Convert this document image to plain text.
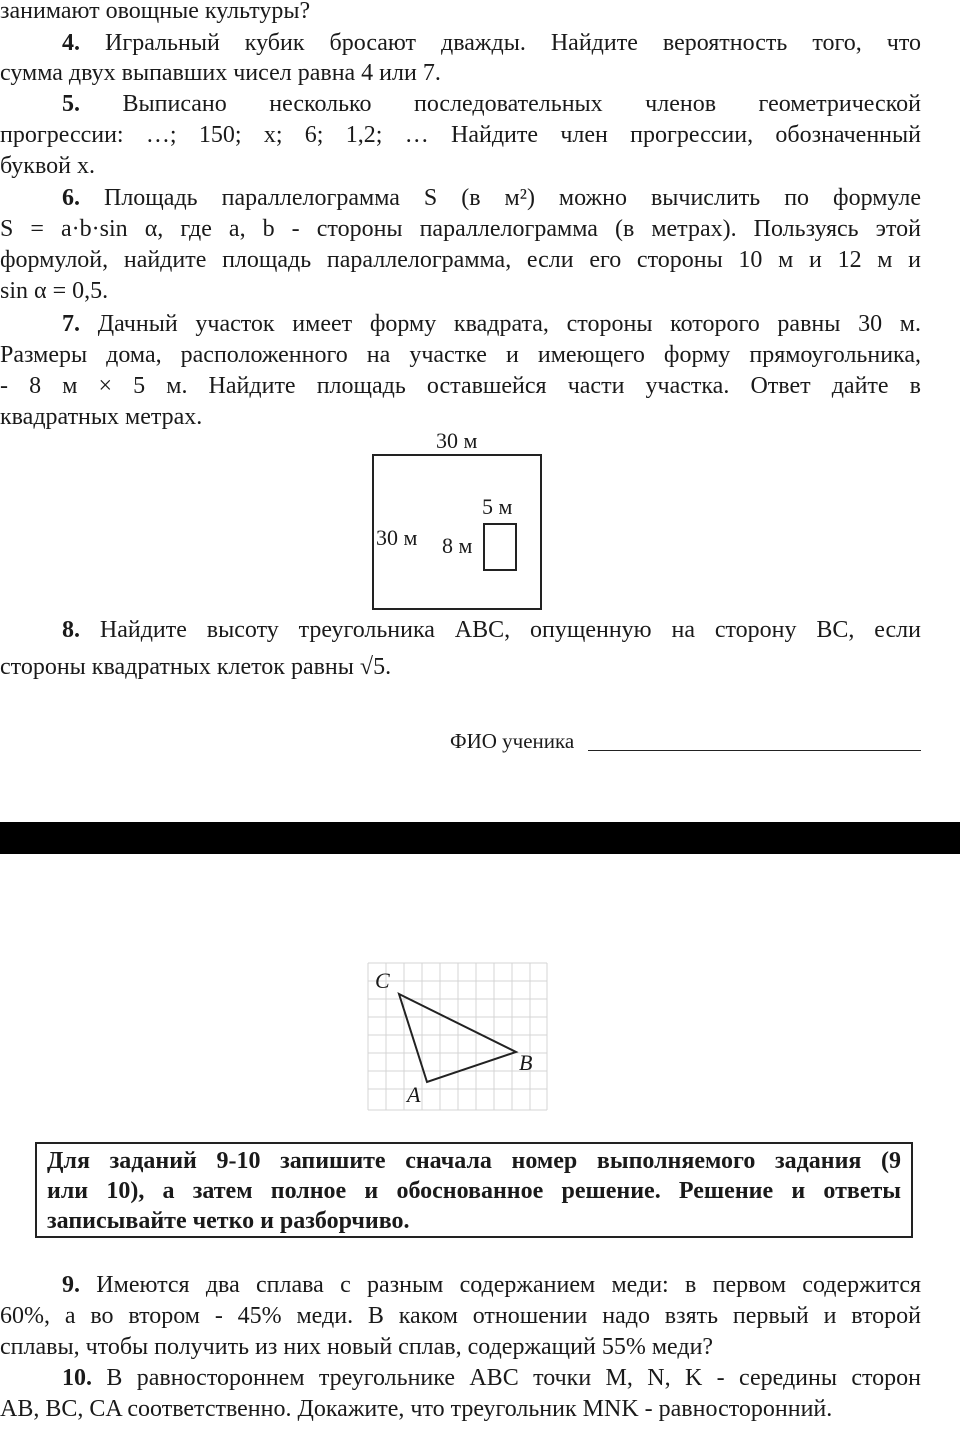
занимают овощные культуры?
4. Игральный кубик бросают дважды. Найдите вероятность того, что
сумма двух выпавших чисел равна 4 или 7.
5. Выписано несколько последовательных членов геометрической
прогрессии: …; 150; x; 6; 1,2; … Найдите член прогрессии, обозначенный
буквой x.
6. Площадь параллелограмма S (в м²) можно вычислить по формуле
S = a·b·sin α, где a, b - стороны параллелограмма (в метрах). Пользуясь этой
формулой, найдите площадь параллелограмма, если его стороны 10 м и 12 м и
sin α = 0,5.
7. Дачный участок имеет форму квадрата, стороны которого равны 30 м.
Размеры дома, расположенного на участке и имеющего форму прямоугольника,
- 8 м × 5 м. Найдите площадь оставшейся части участка. Ответ дайте в
квадратных метрах.
30 м
30 м
5 м
8 м
8. Найдите высоту треугольника ABC, опущенную на сторону BC, если
стороны квадратных клеток равны √5.
ФИО ученика
C
B
A
Для заданий 9-10 запишите сначала номер выполняемого задания (9
или 10), а затем полное и обоснованное решение. Решение и ответы
записывайте четко и разборчиво.
9. Имеются два сплава с разным содержанием меди: в первом содержится
60%, а во втором - 45% меди. В каком отношении надо взять первый и второй
сплавы, чтобы получить из них новый сплав, содержащий 55% меди?
10. В равностороннем треугольнике ABC точки M, N, K - середины сторон
AB, BC, CA соответственно. Докажите, что треугольник MNK - равносторонний.
